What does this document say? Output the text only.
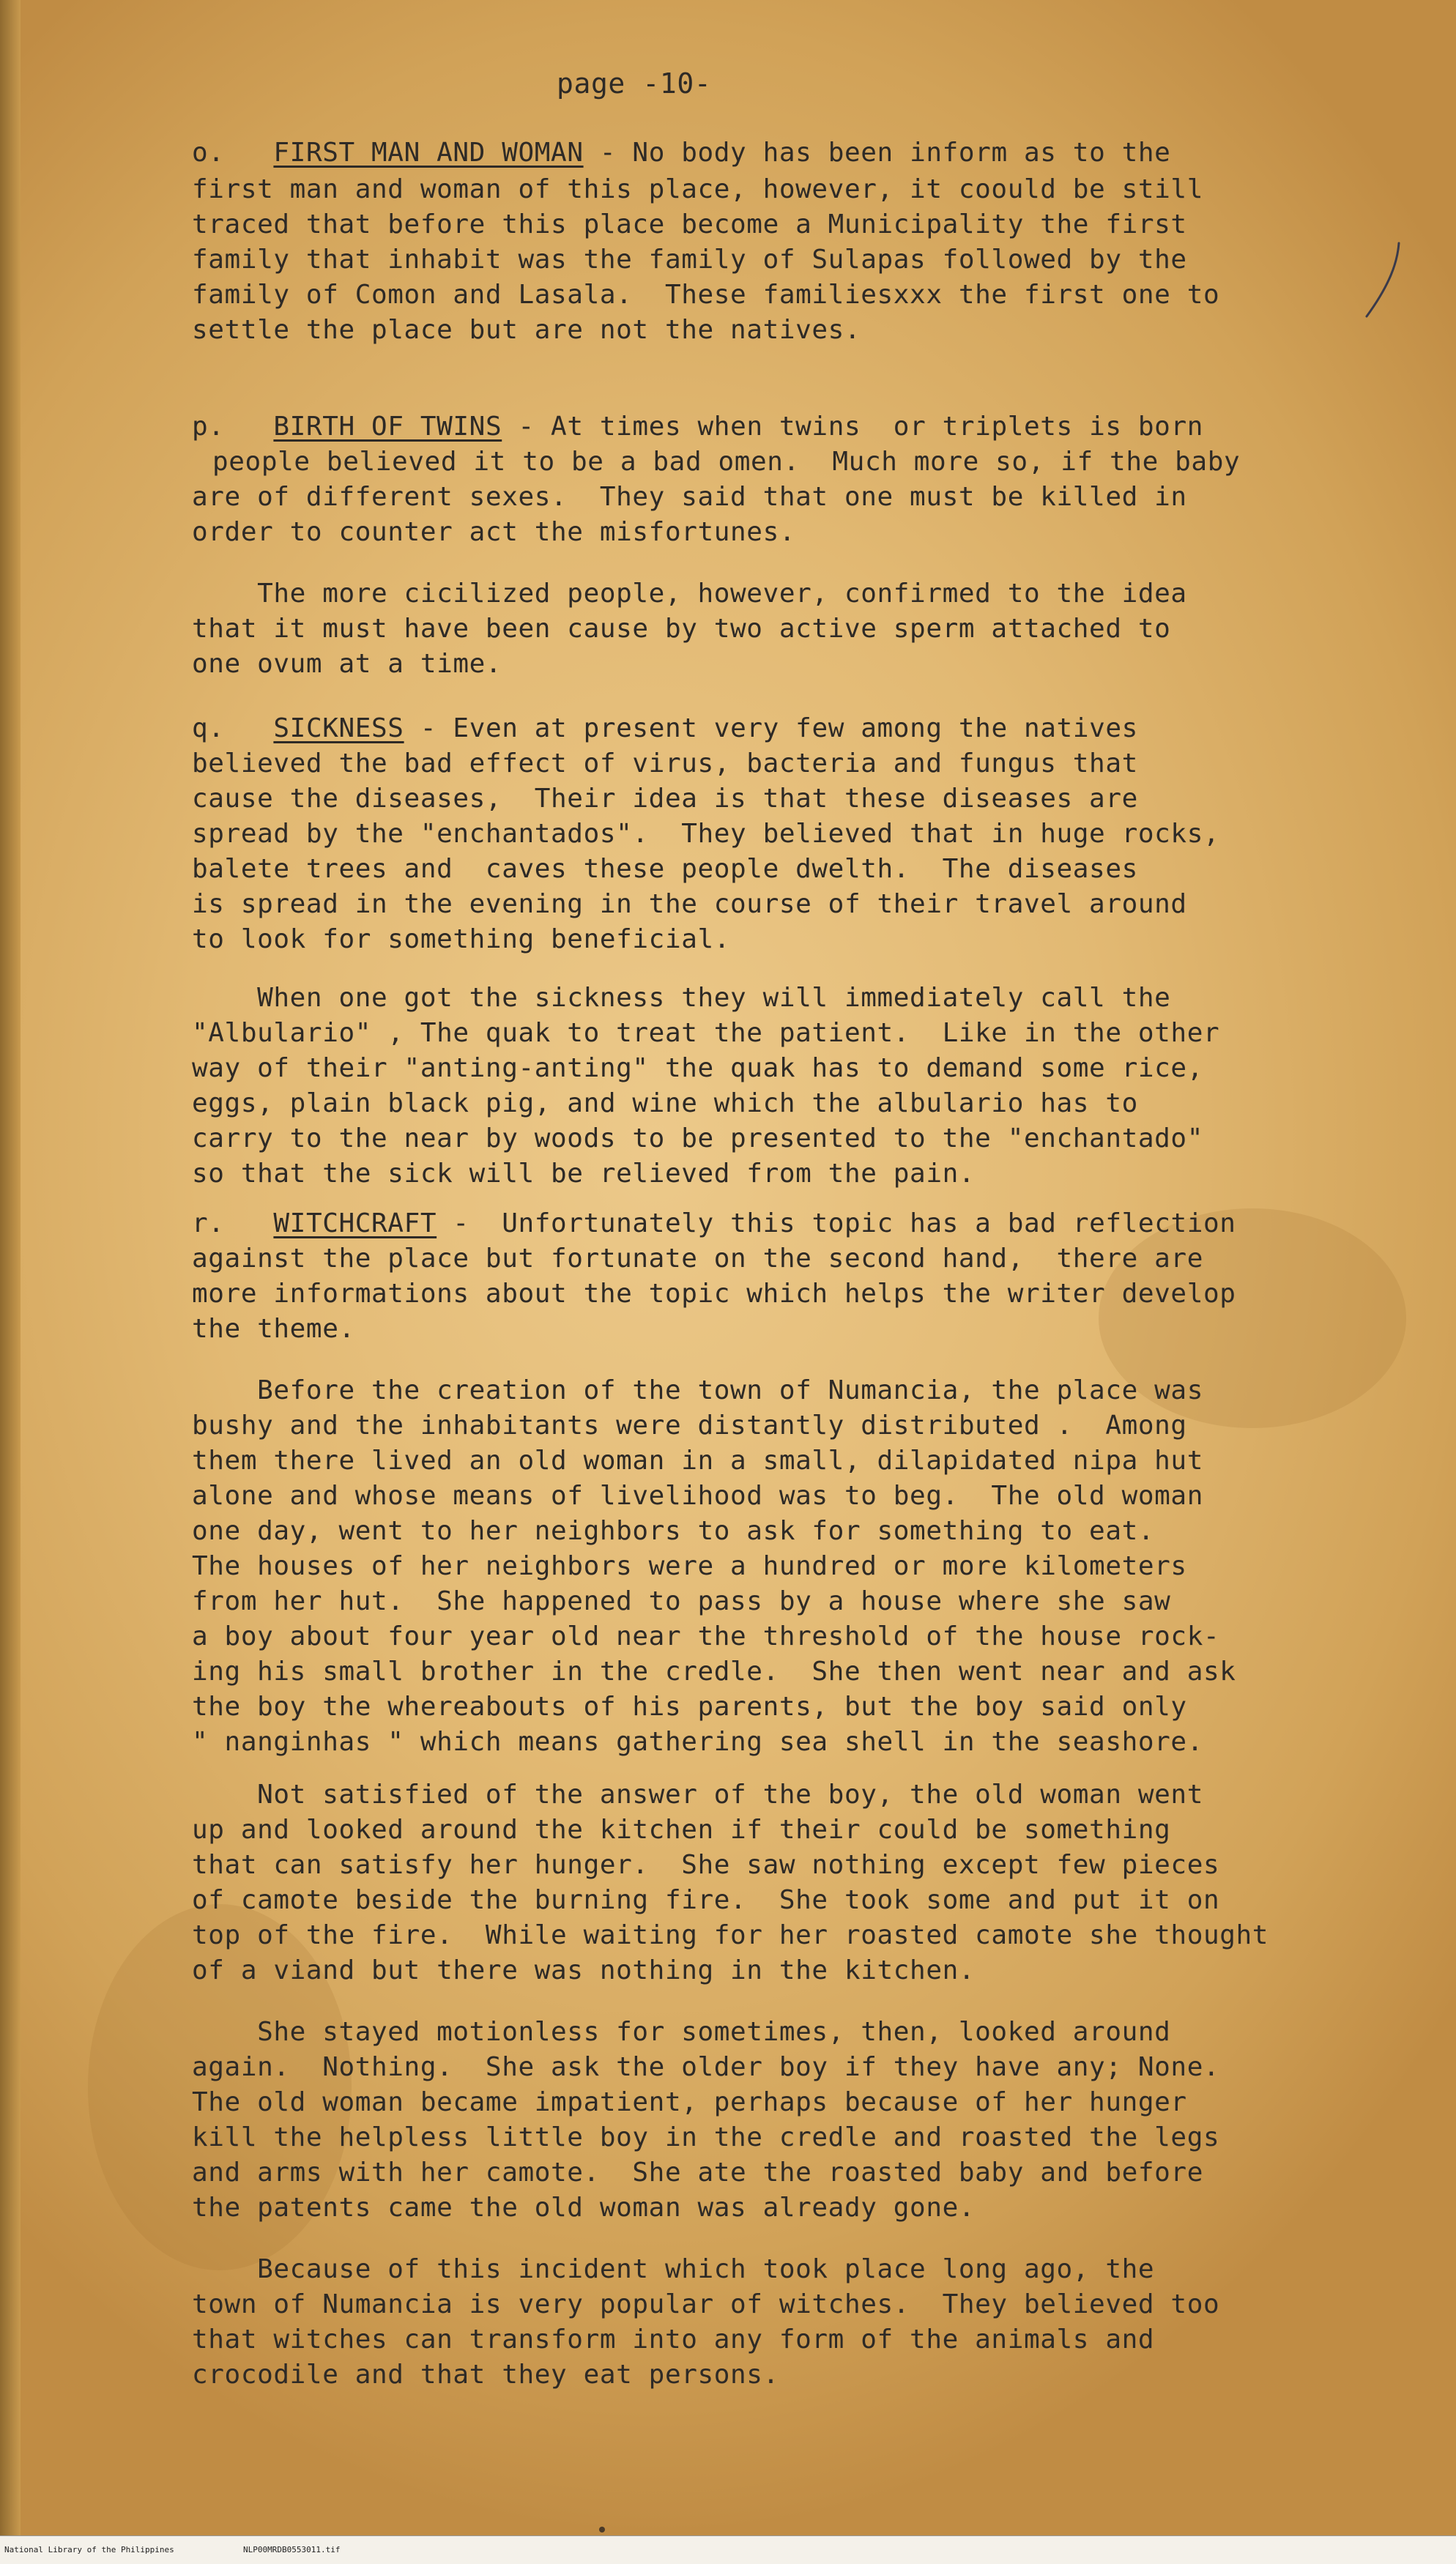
page -10-
o. FIRST MAN AND WOMAN - No body has been inform as to the
first man and woman of this place, however, it coould be still
traced that before this place become a Municipality the first
family that inhabit was the family of Sulapas followed by the
family of Comon and Lasala.  These familiesxxx the first one to
settle the place but are not the natives.
p. BIRTH OF TWINS - At times when twins  or triplets is born
people believed it to be a bad omen.  Much more so, if the baby
are of different sexes.  They said that one must be killed in
order to counter act the misfortunes.
The more cicilized people, however, confirmed to the idea
that it must have been cause by two active sperm attached to
one ovum at a time.
q. SICKNESS - Even at present very few among the natives
believed the bad effect of virus, bacteria and fungus that
cause the diseases,  Their idea is that these diseases are
spread by the "enchantados".  They believed that in huge rocks,
balete trees and  caves these people dwelth.  The diseases
is spread in the evening in the course of their travel around
to look for something beneficial.
When one got the sickness they will immediately call the
"Albulario" , The quak to treat the patient.  Like in the other
way of their "anting-anting" the quak has to demand some rice,
eggs, plain black pig, and wine which the albulario has to
carry to the near by woods to be presented to the "enchantado"
so that the sick will be relieved from the pain.
r. WITCHCRAFT -  Unfortunately this topic has a bad reflection
against the place but fortunate on the second hand,  there are
more informations about the topic which helps the writer develop
the theme.
Before the creation of the town of Numancia, the place was
bushy and the inhabitants were distantly distributed .  Among
them there lived an old woman in a small, dilapidated nipa hut
alone and whose means of livelihood was to beg.  The old woman
one day, went to her neighbors to ask for something to eat.
The houses of her neighbors were a hundred or more kilometers
from her hut.  She happened to pass by a house where she saw
a boy about four year old near the threshold of the house rock-
ing his small brother in the credle.  She then went near and ask
the boy the whereabouts of his parents, but the boy said only
" nanginhas " which means gathering sea shell in the seashore.
Not satisfied of the answer of the boy, the old woman went
up and looked around the kitchen if their could be something
that can satisfy her hunger.  She saw nothing except few pieces
of camote beside the burning fire.  She took some and put it on
top of the fire.  While waiting for her roasted camote she thought
of a viand but there was nothing in the kitchen.
She stayed motionless for sometimes, then, looked around
again.  Nothing.  She ask the older boy if they have any; None.
The old woman became impatient, perhaps because of her hunger
kill the helpless little boy in the credle and roasted the legs
and arms with her camote.  She ate the roasted baby and before
the patents came the old woman was already gone.
Because of this incident which took place long ago, the
town of Numancia is very popular of witches.  They believed too
that witches can transform into any form of the animals and
crocodile and that they eat persons.
National Library of the Philippines	NLP00MRDB0553011.tif
